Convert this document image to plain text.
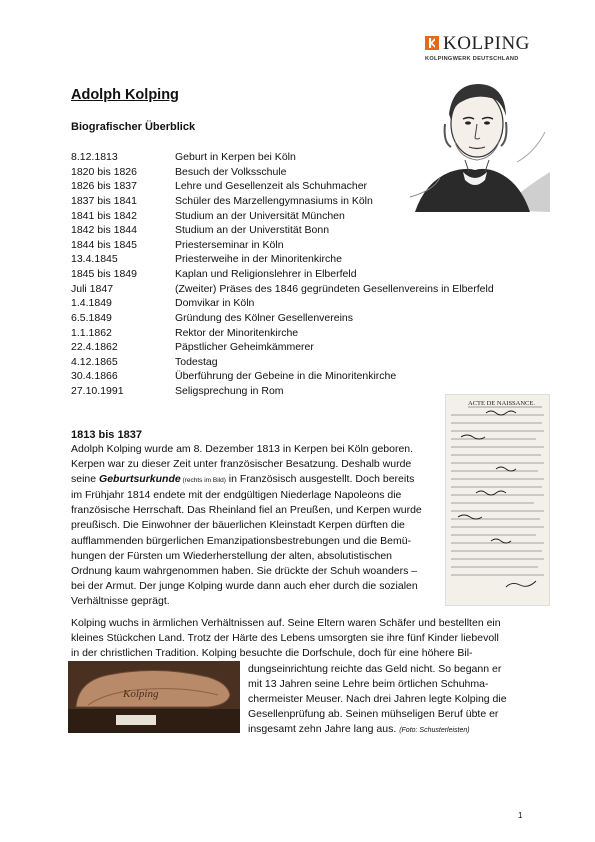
KOLPING
KOLPINGWERK DEUTSCHLAND
Adolph Kolping
Biografischer Überblick
8.12.1813	Geburt in Kerpen bei Köln
1820 bis 1826	Besuch der Volksschule
1826 bis 1837	Lehre und Gesellenzeit als Schuhmacher
1837 bis 1841	Schüler des Marzellengymnasiums in Köln
1841 bis 1842	Studium an der Universität München
1842 bis 1844	Studium an der Universtität Bonn
1844 bis 1845	Priesterseminar in Köln
13.4.1845	Priesterweihe in der Minoritenkirche
1845 bis 1849	Kaplan und Religionslehrer in Elberfeld
Juli 1847	(Zweiter) Präses des 1846 gegründeten Gesellenvereins in Elberfeld
1.4.1849	Domvikar in Köln
6.5.1849	Gründung des Kölner Gesellenvereins
1.1.1862	Rektor der Minoritenkirche
22.4.1862	Päpstlicher Geheimkämmerer
4.12.1865	Todestag
30.4.1866	Überführung der Gebeine in die Minoritenkirche
27.10.1991	Seligsprechung in Rom
1813 bis 1837
Adolph Kolping wurde am 8. Dezember 1813 in Kerpen bei Köln geboren.
Kerpen war zu dieser Zeit unter französischer Besatzung. Deshalb wurde
seine Geburtsurkunde (rechts im Bild) in Französisch ausgestellt. Doch bereits
im Frühjahr 1814 endete mit der endgültigen Niederlage Napoleons die
französische Herrschaft. Das Rheinland fiel an Preußen, und Kerpen wurde
preußisch. Die Einwohner der bäuerlichen Kleinstadt Kerpen dürften die
aufflammenden bürgerlichen Emanzipationsbestrebungen und die Bemü-
hungen der Fürsten um Wiederherstellung der alten, absolutistischen
Ordnung kaum wahrgenommen haben. Sie drückte der Schuh woanders –
bei der Armut. Der junge Kolping wurde dann auch eher durch die sozialen
Verhältnisse geprägt.
ACTE DE NAISSANCE.
Kolping wuchs in ärmlichen Verhältnissen auf. Seine Eltern waren Schäfer und bestellten ein
kleines Stückchen Land. Trotz der Härte des Lebens umsorgten sie ihre fünf Kinder liebevoll
in der christlichen Tradition. Kolping besuchte die Dorfschule, doch für eine höhere Bil-
Kolping
dungseinrichtung reichte das Geld nicht. So begann er
mit 13 Jahren seine Lehre beim örtlichen Schuhma-
chermeister Meuser. Nach drei Jahren legte Kolping die
Gesellenprüfung ab. Seinen mühseligen Beruf übte er
insgesamt zehn Jahre lang aus. (Foto: Schusterleisten)
1
